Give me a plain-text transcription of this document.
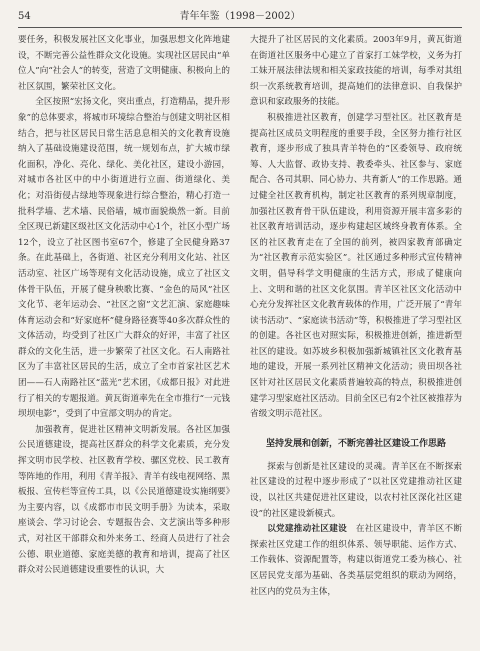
54	青年年鉴（1998－2002）

要任务，积极发展社区文化事业，加强思想文化阵地建设，不断完善公益性群众文化设施。实现社区居民由“单位人”向“社会人”的转变，营造了文明健康、积极向上的社区氛围，繁荣社区文化。

全区按照“宏扬文化，突出重点，打造精品，提升形象”的总体要求，将城市环境综合整治与创建文明社区相结合，把与社区居民日常生活息息相关的文化教育设施纳入了基础设施建设范围，统一规划布点，扩大城市绿化面积，净化、亮化、绿化、美化社区，建设小游园，对城市各社区中的中小街道进行立面、街道绿化、美化；对沿街侵占绿地等现象进行综合整治，精心打造一批科学墙、艺术墙、民俗墙，城市面貌焕然一新。目前全区现已新建区级社区文化活动中心1个，社区小型广场12个，设立了社区图书室67个，修建了全民健身路37条。在此基础上，各街道、社区充分利用文化站、社区活动室、社区广场等现有文化活动设施，成立了社区文体骨干队伍，开展了健身秧歌比赛、“金色的局风”社区文化节、老年运动会、“社区之窗”文艺汇演、家庭趣味体育运动会和“好家庭杯”健身路径赛等40多次群众性的文体活动，均受到了社区广大群众的好评，丰富了社区群众的文化生活，进一步繁荣了社区文化。石人南路社区为了丰富社区居民的生活，成立了全市首家社区艺术团——石人南路社区“蓝光”艺术团，《成都日报》对此进行了相关的专题报道。黄瓦街道率先在全市推行“一元钱坝坝电影”，受到了中宣部文明办的肯定。

加强教育，促进社区精神文明新发展。各社区加强公民道德建设，提高社区群众的科学文化素质，充分发挥文明市民学校、社区教育学校、骡区党校、民工教育等阵地的作用，利用《青羊报》、青羊有线电视网络、黑板报、宣传栏等宣传工具，以《公民道德建设实施纲要》为主要内容，以《成都市市民文明手册》为读本，采取座谈会、学习讨论会、专题报告会、文艺演出等多种形式，对社区干部群众和外来务工、经商人员进行了社会公德、职业道德、家庭美德的教育和培训，提高了社区群众对公民道德建设重要性的认识，大

大提升了社区居民的文化素质。2003年9月，黄瓦街道在街道社区服务中心建立了首家打工妹学校，义务为打工妹开展法律法规和相关家政技能的培训，每季对其组织一次系统教育培训，提高她们的法律意识、自我保护意识和家政服务的技能。

积极推进社区教育，创建学习型社区。社区教育是提高社区成员文明程度的重要手段，全区努力推行社区教育，逐步形成了独具青羊特色的“区委领导、政府统筹、人大监督、政协支持、教委牵头、社区参与、家庭配合、各司其职、同心协力、共育新人”的工作思路。通过健全社区教育机构，制定社区教育的系列规章制度，加强社区教育骨干队伍建设，利用资源开展丰富多彩的社区教育培训活动，逐步构建起区域终身教育体系。全区的社区教育走在了全国的前列，被四家教育部确定为“社区教育示范实验区”。社区通过多种形式宣传精神文明，倡导科学文明健康的生活方式，形成了健康向上、文明和谐的社区文化氛围。青羊区社区文化活动中心充分发挥社区文化教育载体的作用，广泛开展了“青年读书活动”、“家庭读书活动”等，积极推进了学习型社区的创建。各社区也对照实际，积极推进创新，推进新型社区的建设。如苏坡乡积极加强新城镇社区文化教育基地的建设，开展一系列社区精神文化活动；贵田坝各社区针对社区居民文化素质普遍较高的特点，积极推进创建学习型家庭社区活动。目前全区已有2个社区被推荐为省级文明示范社区。

坚持发展和创新，不断完善社区建设工作思路

探索与创新是社区建设的灵魂。青羊区在不断探索社区建设的过程中逐步形成了“以社区党建推动社区建设，以社区共建促进社区建设，以农村社区深化社区建设”的社区建设新模式。

以党建推动社区建设　 在社区建设中，青羊区不断探索社区党建工作的组织体系、领导职能、运作方式、工作载体、资源配置等，构建以街道党工委为核心、社区居民党支部为基础、各类基层党组织的联动为网络，社区内的党员为主体，
